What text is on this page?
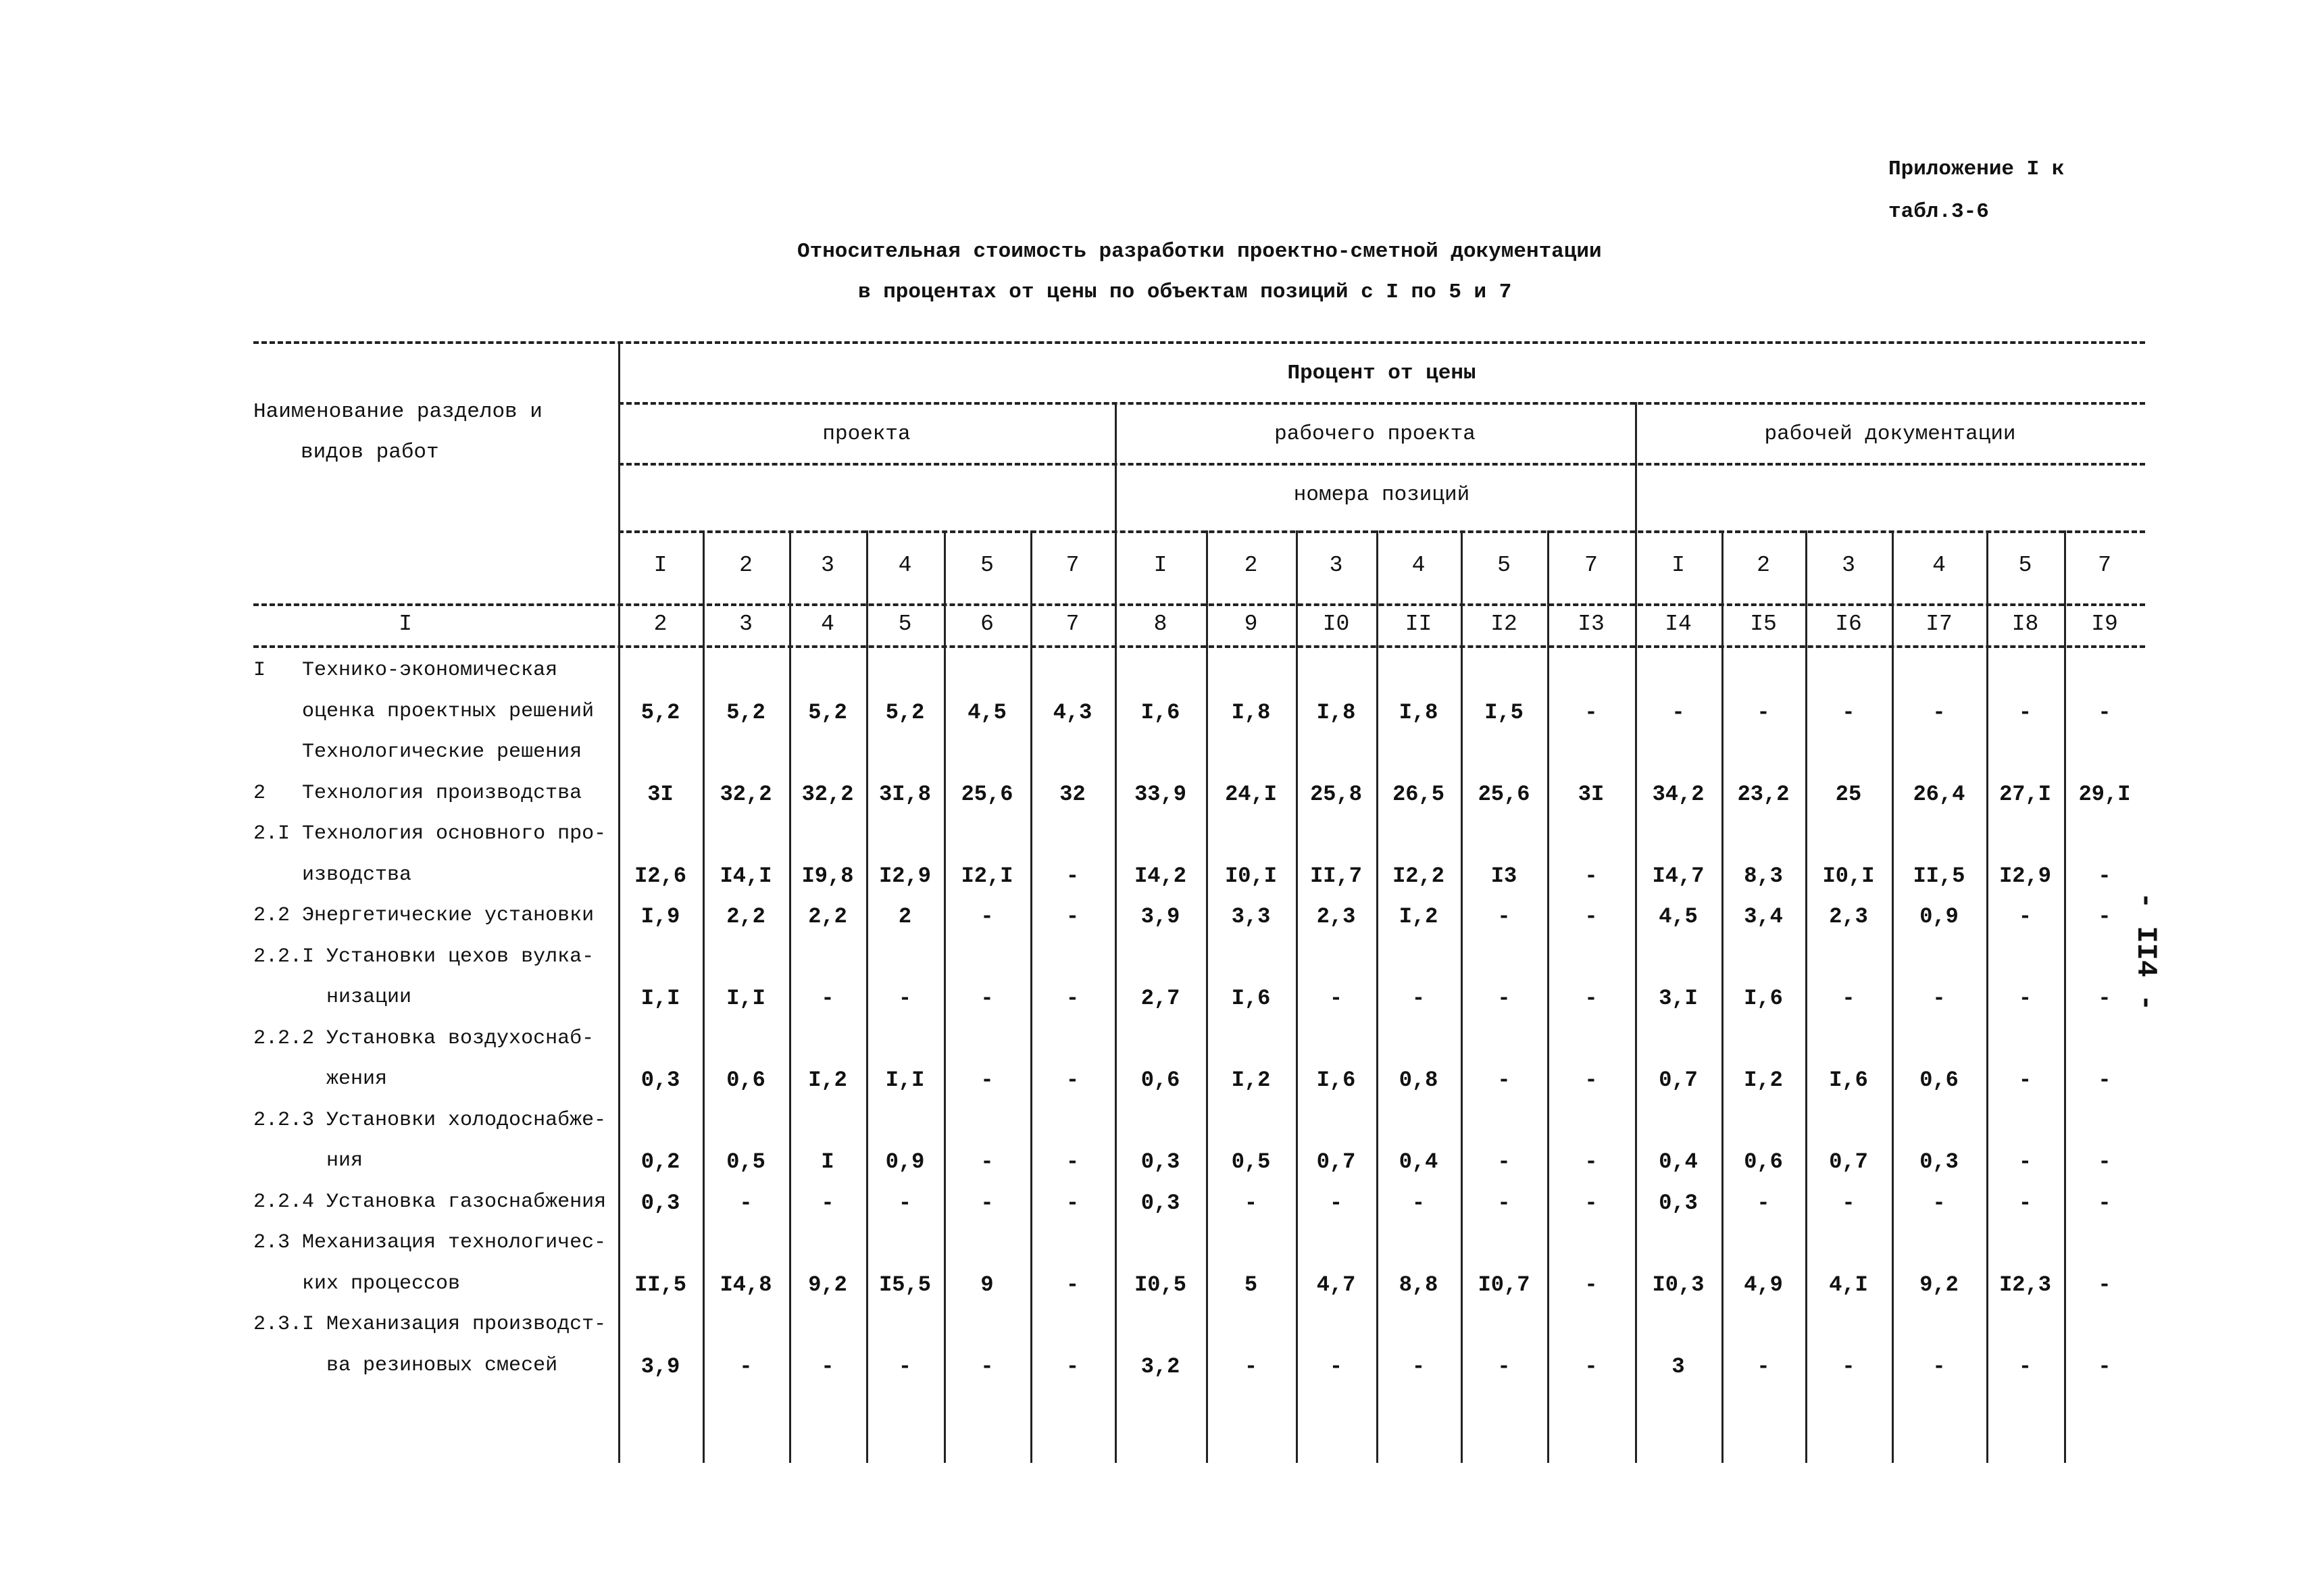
Приложение I к
табл.3-6
Относительная стоимость разработки проектно-сметной документации
в процентах от цены по объектам позиций с I по 5 и 7
Наименование разделов и
видов работ
Процент от цены
проекта	рабочего проекта	рабочей документации
номера позиций
I	2	3	4	5	7	I	2	3	4	5	7	I	2	3	4	5	7
I	2	3	4	5	6	7	8	9	I0 II	I2	I3	I4	I5	I6	I7	I8 I9
I   Технико-экономическая
оценка проектных решений 5,2 5,2 5,2 5,2 4,5 4,3 I,6 I,8 I,8 I,8 I,5	-	-	-	-	-	-	-
Технологические решения
2   Технология производства	3I 32,2 32,2 3I,8 25,6 32 33,9 24,I 25,8 26,5 25,6 3I 34,2 23,2 25 26,4 27,I 29,I
2.I Технология основного про-
изводства	I2,6 I4,I I9,8 I2,9 I2,I -	I4,2 I0,I II,7 I2,2 I3	-	I4,7 8,3 I0,I II,5 I2,9 -
2.2 Энергетические установки I,9 2,2 2,2 2	-	-	3,9 3,3 2,3 I,2	-	-	4,5 3,4 2,3 0,9	-	-
2.2.I Установки цехов вулка-
низации	I,I I,I	-	-	-	-	2,7 I,6	-	-	-	-	3,I I,6	-	-	-	-
2.2.2 Установка воздухоснаб-
жения	0,3 0,6 I,2 I,I	-	-	0,6 I,2 I,6 0,8	-	-	0,7 I,2 I,6 0,6	-	-
2.2.3 Установки холодоснабже-
ния	0,2 0,5	I 0,9	-	-	0,3 0,5 0,7 0,4	-	-	0,4 0,6 0,7 0,3	-	-
2.2.4 Установка газоснабжения 0,3	-	-	-	-	-	0,3	-	-	-	-	-	0,3	-	-	-	-	-
2.3 Механизация технологичес-
ких процессов	II,5 I4,8 9,2 I5,5 9	-	I0,5	5	4,7 8,8 I0,7	-	I0,3 4,9 4,I 9,2 I2,3 -
2.3.I Механизация производст-
ва резиновых смесей	3,9	-	-	-	-	-	3,2	-	-	-	-	-	3	-	-	-	-	-
- II4 -
